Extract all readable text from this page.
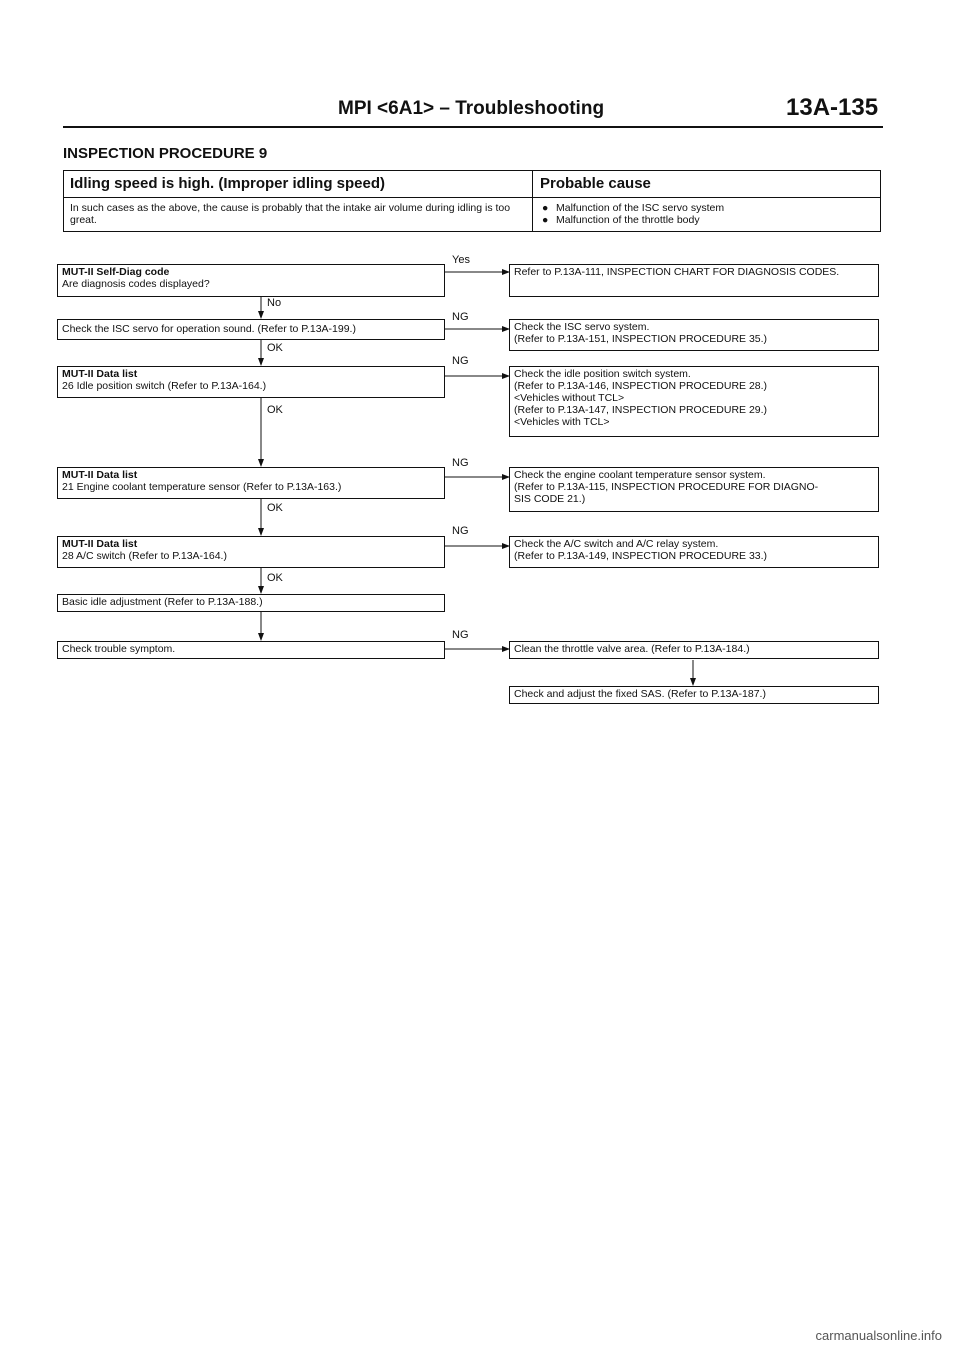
MPI <6A1> – Troubleshooting	13A-135
INSPECTION PROCEDURE 9
Idling speed is high. (Improper idling speed)	Probable cause
In such cases as the above, the cause is probably that the intake air volume during idling is too great.
● Malfunction of the ISC servo system
● Malfunction of the throttle body
MUT-II Self-Diag code
Are diagnosis codes displayed?
Check the ISC servo for operation sound. (Refer to P.13A-199.)
MUT-II Data list
26 Idle position switch (Refer to P.13A-164.)
MUT-II Data list
21 Engine coolant temperature sensor (Refer to P.13A-163.)
MUT-II Data list
28 A/C switch (Refer to P.13A-164.)
Basic idle adjustment (Refer to P.13A-188.)
Check trouble symptom.
Refer to P.13A-111, INSPECTION CHART FOR DIAGNOSIS CODES.
Check the ISC servo system.
(Refer to P.13A-151, INSPECTION PROCEDURE 35.)
Check the idle position switch system.
(Refer to P.13A-146, INSPECTION PROCEDURE 28.)
<Vehicles without TCL>
(Refer to P.13A-147, INSPECTION PROCEDURE 29.)
<Vehicles with TCL>
Check the engine coolant temperature sensor system.
(Refer to P.13A-115, INSPECTION PROCEDURE FOR DIAGNO-
SIS CODE 21.)
Check the A/C switch and A/C relay system.
(Refer to P.13A-149, INSPECTION PROCEDURE 33.)
Clean the throttle valve area. (Refer to P.13A-184.)
Check and adjust the fixed SAS. (Refer to P.13A-187.)
Yes
No
NG
OK
NG
OK
NG
OK
NG
OK
NG
carmanualsonline.info
